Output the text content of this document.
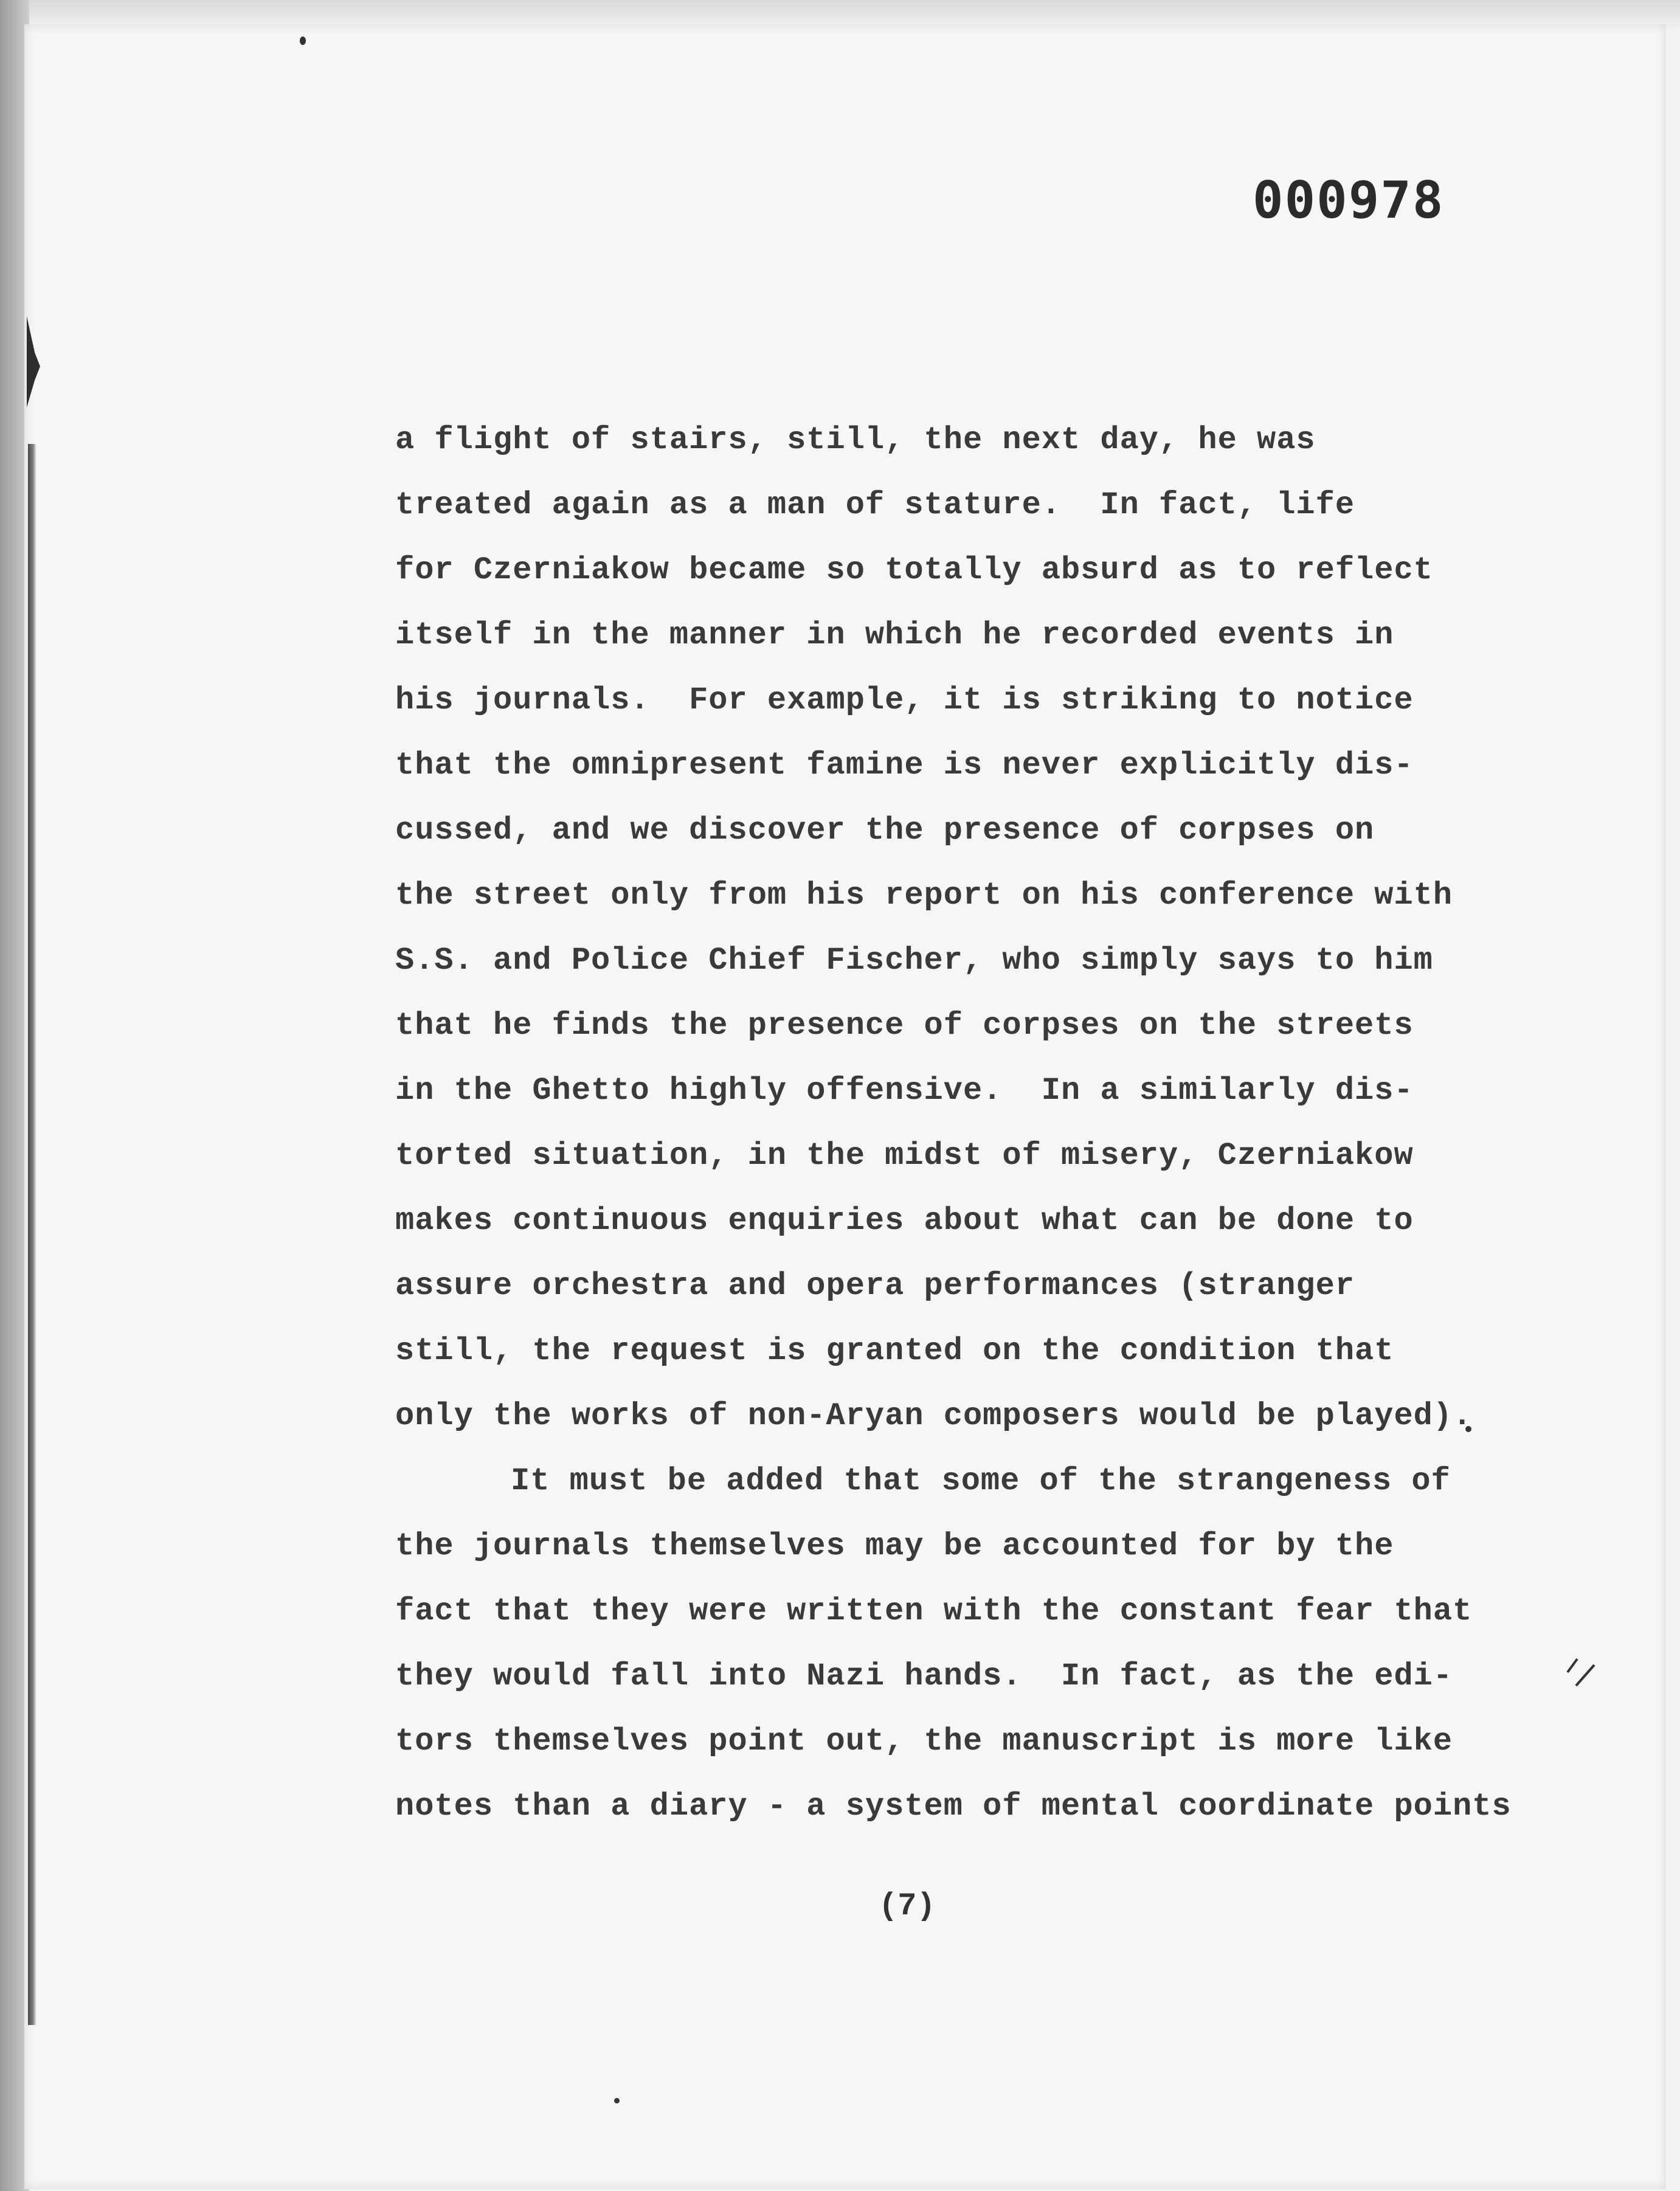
000978
a flight of stairs, still, the next day, he was
treated again as a man of stature.  In fact, life
for Czerniakow became so totally absurd as to reflect
itself in the manner in which he recorded events in
his journals.  For example, it is striking to notice
that the omnipresent famine is never explicitly dis-
cussed, and we discover the presence of corpses on
the street only from his report on his conference with
S.S. and Police Chief Fischer, who simply says to him
that he finds the presence of corpses on the streets
in the Ghetto highly offensive.  In a similarly dis-
torted situation, in the midst of misery, Czerniakow
makes continuous enquiries about what can be done to
assure orchestra and opera performances (stranger
still, the request is granted on the condition that
only the works of non-Aryan composers would be played).
It must be added that some of the strangeness of
the journals themselves may be accounted for by the
fact that they were written with the constant fear that
they would fall into Nazi hands.  In fact, as the edi-
tors themselves point out, the manuscript is more like
notes than a diary - a system of mental coordinate points
(7)
